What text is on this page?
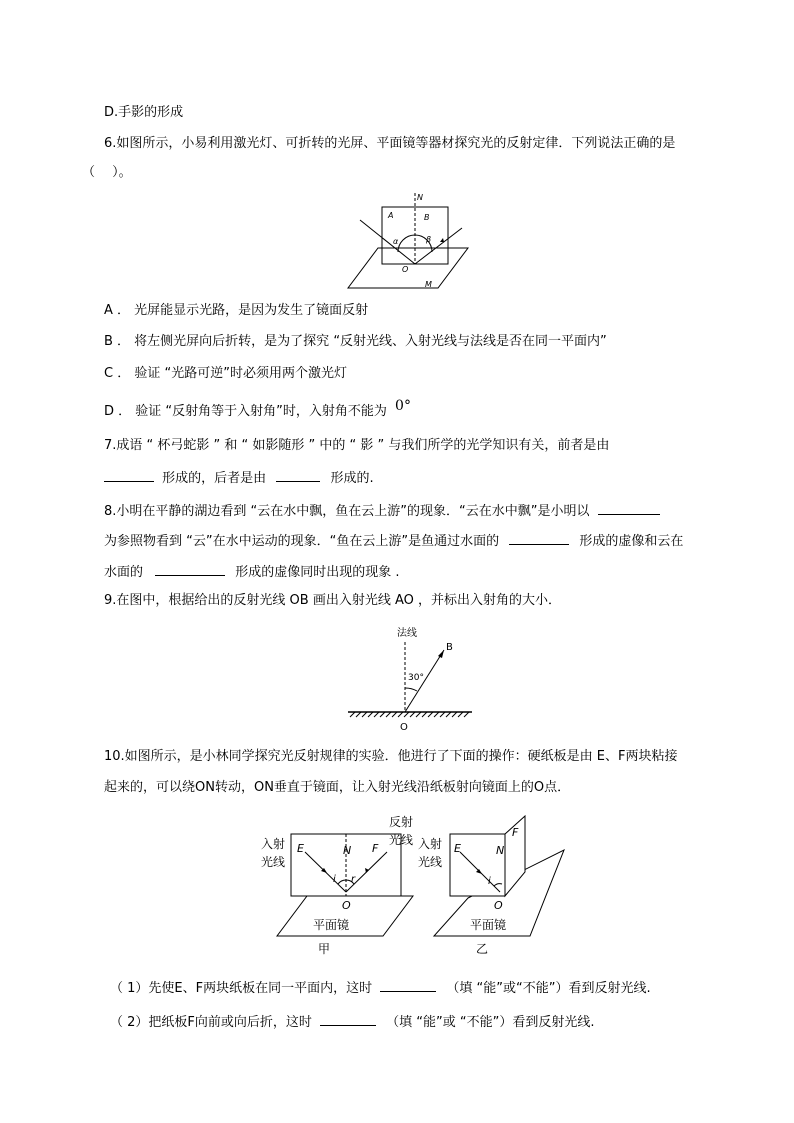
D.手影的形成
6.如图所示，小易利用激光灯、可折转的光屏、平面镜等器材探究光的反射定律．下列说法正确的是
（　 ）。
N
A	B
α	β
O
M
A ． 光屏能显示光路，是因为发生了镜面反射
B ． 将左侧光屏向后折转，是为了探究 “反射光线、入射光线与法线是否在同一平面内”
C ． 验证 “光路可逆”时必须用两个激光灯
D ． 验证 “反射角等于入射角”时，入射角不能为 0°
7.成语 “ 杯弓蛇影 ” 和 “ 如影随形 ” 中的 “ 影 ” 与我们所学的光学知识有关，前者是由
形成的，后者是由	形成的.
8.小明在平静的湖边看到 “云在水中飘，鱼在云上游”的现象．“云在水中飘”是小明以
为参照物看到 “云”在水中运动的现象．“鱼在云上游”是鱼通过水面的	形成的虚像和云在
水面的	形成的虚像同时出现的现象 .
9.在图中，根据给出的反射光线 OB 画出入射光线 AO ，并标出入射角的大小．
法线
B
30°
O
10.如图所示，是小林同学探究光反射规律的实验．他进行了下面的操作：硬纸板是由 E、F两块粘接
起来的，可以绕ON转动，ON垂直于镜面，让入射光线沿纸板射向镜面上的O点．
入射
光线
反射
光线
E	N F
i r
O
平面镜
甲
入射
光线
E	N
F
i
O
平面镜
乙
（ 1）先使E、F两块纸板在同一平面内，这时	（填 “能”或“不能”）看到反射光线.
（ 2）把纸板F向前或向后折，这时	（填 “能”或 “不能”）看到反射光线.
